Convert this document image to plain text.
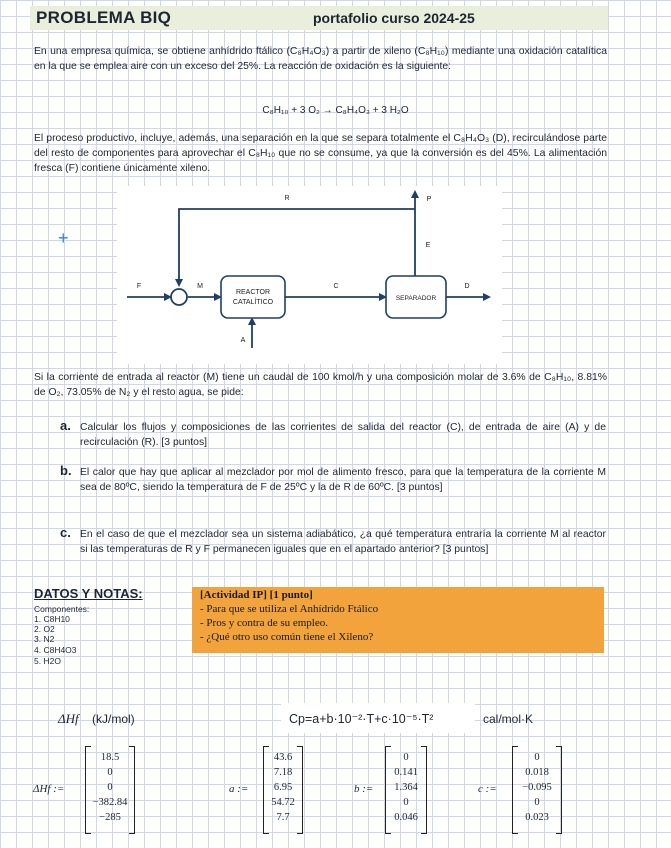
PROBLEMA BIQ	portafolio curso 2024-25
En una empresa química, se obtiene anhídrido ftálico (C₈H₄O₃) a partir de xileno (C₈H₁₀) mediante una oxidación catalítica en la que se emplea aire con un exceso del 25%. La reacción de oxidación es la siguiente:
C₈H₁₀ + 3 O₂ → C₈H₄O₃ + 3 H₂O
El proceso productivo, incluye, además, una separación en la que se separa totalmente el C₈H₄O₃ (D), recirculándose parte del resto de componentes para aprovechar el C₈H₁₀ que no se consume, ya que la conversión es del 45%. La alimentación fresca (F) contiene únicamente xileno.
+
REACTOR
CATALÍTICO
SEPARADOR
R	P
E
F	M	C	D
A
Si la corriente de entrada al reactor (M) tiene un caudal de 100 kmol/h y una composición molar de 3.6% de C₈H₁₀, 8.81% de O₂, 73.05% de N₂ y el resto agua, se pide:
a. Calcular los flujos y composiciones de las corrientes de salida del reactor (C), de entrada de aire (A) y de recirculación (R). [3 puntos]
b. El calor que hay que aplicar al mezclador por mol de alimento fresco, para que la temperatura de la corriente M sea de 80ºC, siendo la temperatura de F de 25ºC y la de R de 60ºC. [3 puntos]
c. En el caso de que el mezclador sea un sistema adiabático, ¿a qué temperatura entraría la corriente M al reactor si las temperaturas de R y F permanecen iguales que en el apartado anterior? [3 puntos]
DATOS Y NOTAS:
Componentes:
1. C8H10
2. O2
3. N2
4. C8H4O3
5. H2O
[Actividad IP] [1 punto]
- Para que se utiliza el Anhídrido Ftálico
- Pros y contra de su empleo.
- ¿Qué otro uso común tiene el Xileno?
ΔHf (kJ/mol)	Cp=a+b·10⁻²·T+c·10⁻⁵·T²	cal/mol·K
ΔHf :=
18.5
0
0
−382.84
−285
a :=
43.6
7.18
6.95
54.72
7.7
b :=
0
0.141
1.364
0
0.046
c :=
0
0.018
−0.095
0
0.023
